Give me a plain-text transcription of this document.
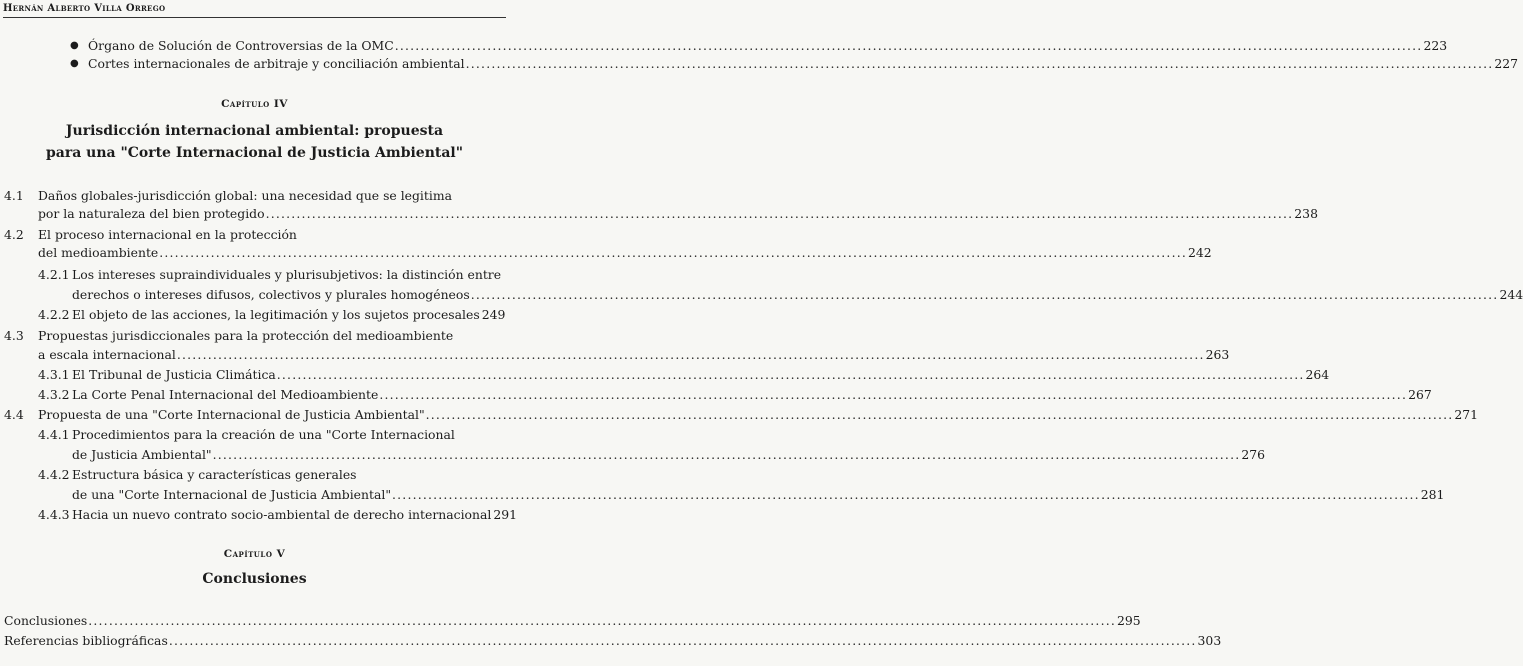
Hernán Alberto Villa Orrego
● Órgano de Solución de Controversias de la OMC ........................................................................................................................................................................................................ 223
● Cortes internacionales de arbitraje y conciliación ambiental ........................................................................................................................................................................................................ 227
Capítulo IV
Jurisdicción internacional ambiental: propuesta
para una "Corte Internacional de Justicia Ambiental"
4.1 Daños globales-jurisdicción global: una necesidad que se legitima
por la naturaleza del bien protegido ........................................................................................................................................................................................................ 238
4.2 El proceso internacional en la protección
del medioambiente ........................................................................................................................................................................................................ 242
4.2.1 Los intereses supraindividuales y plurisubjetivos: la distinción entre
derechos o intereses difusos, colectivos y plurales homogéneos ........................................................................................................................................................................................................ 244
4.2.2 El objeto de las acciones, la legitimación y los sujetos procesales 249
4.3 Propuestas jurisdiccionales para la protección del medioambiente
a escala internacional ........................................................................................................................................................................................................ 263
4.3.1 El Tribunal de Justicia Climática ........................................................................................................................................................................................................ 264
4.3.2 La Corte Penal Internacional del Medioambiente ........................................................................................................................................................................................................ 267
4.4 Propuesta de una "Corte Internacional de Justicia Ambiental" ........................................................................................................................................................................................................ 271
4.4.1 Procedimientos para la creación de una "Corte Internacional
de Justicia Ambiental" ........................................................................................................................................................................................................ 276
4.4.2 Estructura básica y características generales
de una "Corte Internacional de Justicia Ambiental" ........................................................................................................................................................................................................ 281
4.4.3 Hacia un nuevo contrato socio-ambiental de derecho internacional 291
Capítulo V
Conclusiones
Conclusiones ........................................................................................................................................................................................................ 295
Referencias bibliográficas ........................................................................................................................................................................................................ 303
